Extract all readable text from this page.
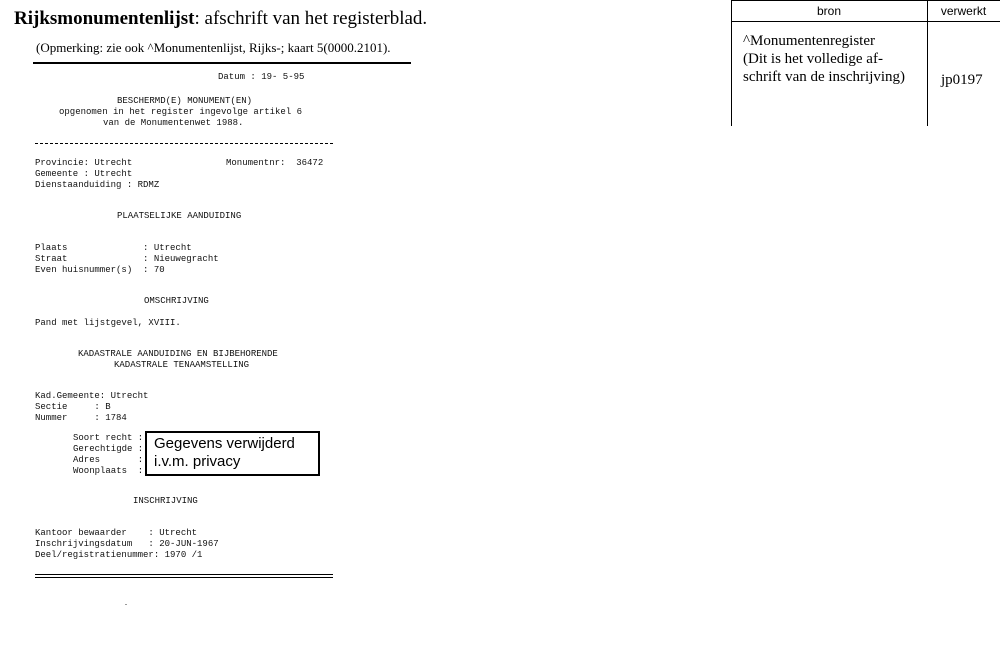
Rijksmonumentenlijst: afschrift van het registerblad.
(Opmerking: zie ook ^Monumentenlijst, Rijks-; kaart 5(0000.2101).
Datum : 19- 5-95
BESCHERMD(E) MONUMENT(EN)
opgenomen in het register ingevolge artikel 6
van de Monumentenwet 1988.
Provincie: Utrecht	Monumentnr:  36472
Gemeente : Utrecht
Dienstaanduiding : RDMZ
PLAATSELIJKE AANDUIDING
Plaats              : Utrecht
Straat              : Nieuwegracht
Even huisnummer(s)  : 70
OMSCHRIJVING
Pand met lijstgevel, XVIII.
KADASTRALE AANDUIDING EN BIJBEHORENDE
KADASTRALE TENAAMSTELLING
Kad.Gemeente: Utrecht
Sectie     : B
Nummer     : 1784
Soort recht :
Gerechtigde :
Adres       :
Woonplaats  :
Gegevens verwijderd
i.v.m. privacy
INSCHRIJVING
Kantoor bewaarder    : Utrecht
Inschrijvingsdatum   : 20-JUN-1967
Deel/registratienummer: 1970 /1
bron	verwerkt
^Monumentenregister
(Dit is het volledige af-
schrift van de inschrijving) jp0197
